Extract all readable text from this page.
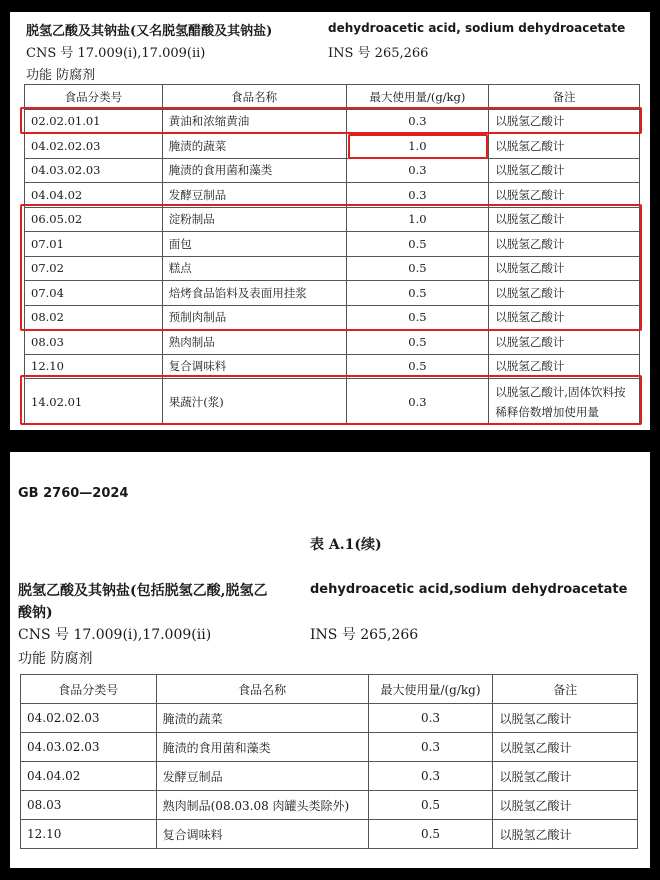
脱氢乙酸及其钠盐(又名脱氢醋酸及其钠盐)	dehydroacetic acid, sodium dehydroacetate
CNS 号 17.009(i),17.009(ii)	INS 号 265,266
功能 防腐剂
食品分类号	食品名称	最大使用量/(g/kg)	备注
02.02.01.01	黄油和浓缩黄油	0.3	以脱氢乙酸计
04.02.02.03	腌渍的蔬菜	1.0	以脱氢乙酸计
04.03.02.03	腌渍的食用菌和藻类	0.3	以脱氢乙酸计
04.04.02	发酵豆制品	0.3	以脱氢乙酸计
06.05.02	淀粉制品	1.0	以脱氢乙酸计
07.01	面包	0.5	以脱氢乙酸计
07.02	糕点	0.5	以脱氢乙酸计
07.04	焙烤食品馅料及表面用挂浆	0.5	以脱氢乙酸计
08.02	预制肉制品	0.5	以脱氢乙酸计
08.03	熟肉制品	0.5	以脱氢乙酸计
12.10	复合调味料	0.5	以脱氢乙酸计
14.02.01	果蔬汁(浆)	0.3	以脱氢乙酸计,固体饮料按稀释倍数增加使用量
GB 2760—2024
表 A.1(续)
脱氢乙酸及其钠盐(包括脱氢乙酸,脱氢乙	dehydroacetic acid,sodium dehydroacetate
酸钠)
CNS 号 17.009(i),17.009(ii)	INS 号 265,266
功能 防腐剂
食品分类号	食品名称	最大使用量/(g/kg)	备注
04.02.02.03	腌渍的蔬菜	0.3	以脱氢乙酸计
04.03.02.03	腌渍的食用菌和藻类	0.3	以脱氢乙酸计
04.04.02	发酵豆制品	0.3	以脱氢乙酸计
08.03	熟肉制品(08.03.08 肉罐头类除外)	0.5	以脱氢乙酸计
12.10	复合调味料	0.5	以脱氢乙酸计
